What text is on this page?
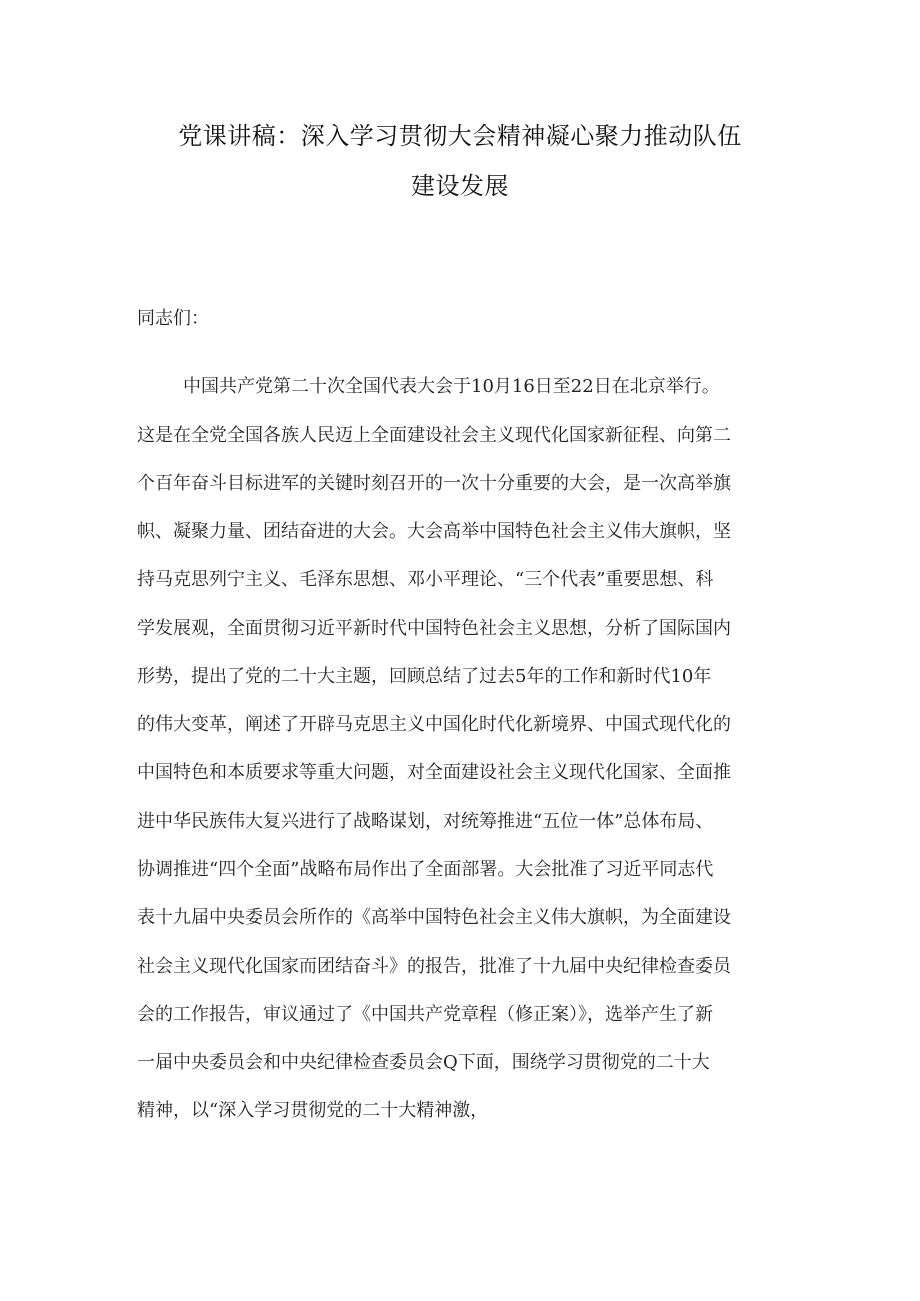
党课讲稿：深入学习贯彻大会精神凝心聚力推动队伍
建设发展

同志们：

中国共产党第二十次全国代表大会于10月16日至22日在北京举行。

这是在全党全国各族人民迈上全面建设社会主义现代化国家新征程、向第二

个百年奋斗目标进军的关键时刻召开的一次十分重要的大会，是一次高举旗

帜、凝聚力量、团结奋进的大会。大会高举中国特色社会主义伟大旗帜，坚

持马克思列宁主义、毛泽东思想、邓小平理论、“三个代表”重要思想、科

学发展观，全面贯彻习近平新时代中国特色社会主义思想，分析了国际国内

形势，提出了党的二十大主题，回顾总结了过去5年的工作和新时代10年

的伟大变革，阐述了开辟马克思主义中国化时代化新境界、中国式现代化的

中国特色和本质要求等重大问题，对全面建设社会主义现代化国家、全面推

进中华民族伟大复兴进行了战略谋划，对统筹推进“五位一体”总体布局、

协调推进“四个全面”战略布局作出了全面部署。大会批准了习近平同志代

表十九届中央委员会所作的《高举中国特色社会主义伟大旗帜，为全面建设

社会主义现代化国家而团结奋斗》的报告，批准了十九届中央纪律检查委员

会的工作报告，审议通过了《中国共产党章程（修正案）》，选举产生了新

一届中央委员会和中央纪律检查委员会Q下面，围绕学习贯彻党的二十大

精神，以“深入学习贯彻党的二十大精神激，
